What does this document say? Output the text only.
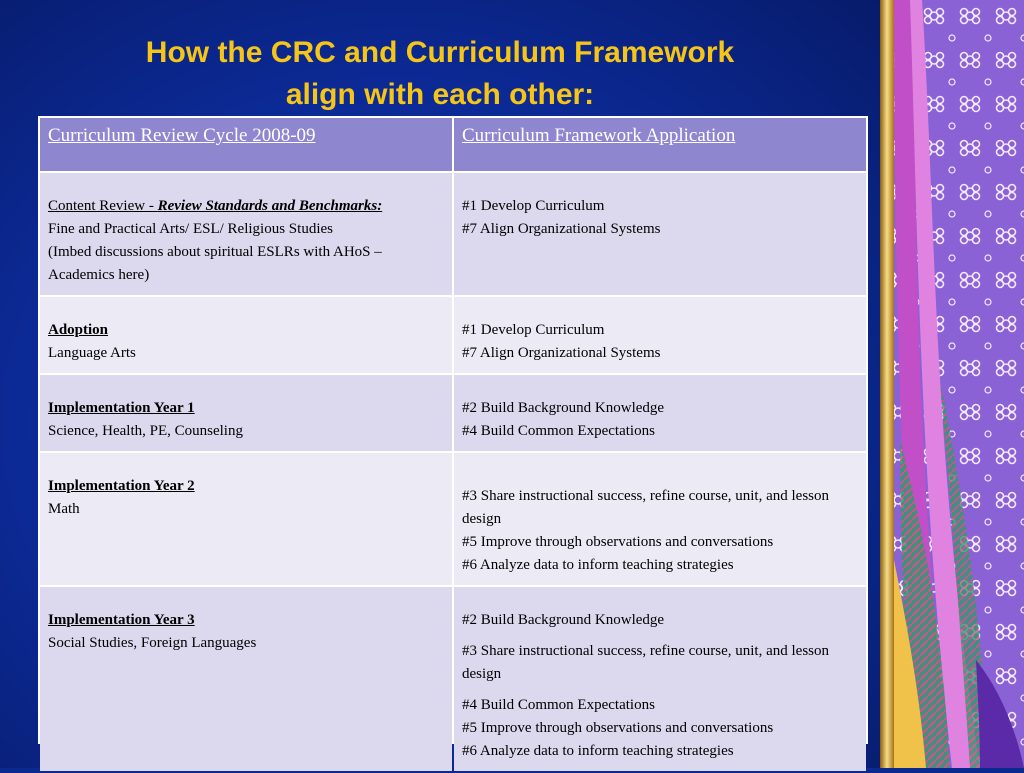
How the CRC and Curriculum Framework
align with each other:
Curriculum Review Cycle 2008-09	Curriculum Framework Application

Content Review - Review Standards and Benchmarks:
Fine and Practical Arts/ ESL/ Religious Studies
(Imbed discussions about spiritual ESLRs with AHoS – Academics here)	#1 Develop Curriculum
#7 Align Organizational Systems

Adoption
Language Arts	#1 Develop Curriculum
#7 Align Organizational Systems

Implementation Year 1
Science, Health, PE, Counseling	#2 Build Background Knowledge
#4 Build Common Expectations

Implementation Year 2
Math	#3 Share instructional success, refine course, unit, and lesson design
#5 Improve through observations and conversations
#6 Analyze data to inform teaching strategies

Implementation Year 3
Social Studies, Foreign Languages	#2 Build Background Knowledge
#3 Share instructional success, refine course, unit, and lesson design
#4 Build Common Expectations
#5 Improve through observations and conversations
#6 Analyze data to inform teaching strategies
